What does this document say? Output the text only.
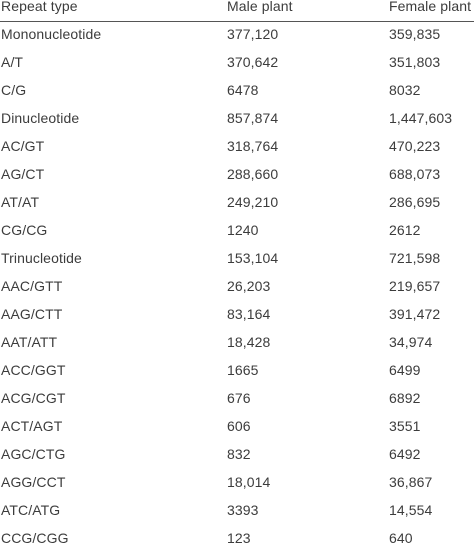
Repeat type	Male plant	Female plant
Mononucleotide	377,120	359,835
A/T	370,642	351,803
C/G	6478	8032
Dinucleotide	857,874	1,447,603
AC/GT	318,764	470,223
AG/CT	288,660	688,073
AT/AT	249,210	286,695
CG/CG	1240	2612
Trinucleotide	153,104	721,598
AAC/GTT	26,203	219,657
AAG/CTT	83,164	391,472
AAT/ATT	18,428	34,974
ACC/GGT	1665	6499
ACG/CGT	676	6892
ACT/AGT	606	3551
AGC/CTG	832	6492
AGG/CCT	18,014	36,867
ATC/ATG	3393	14,554
CCG/CGG	123	640
